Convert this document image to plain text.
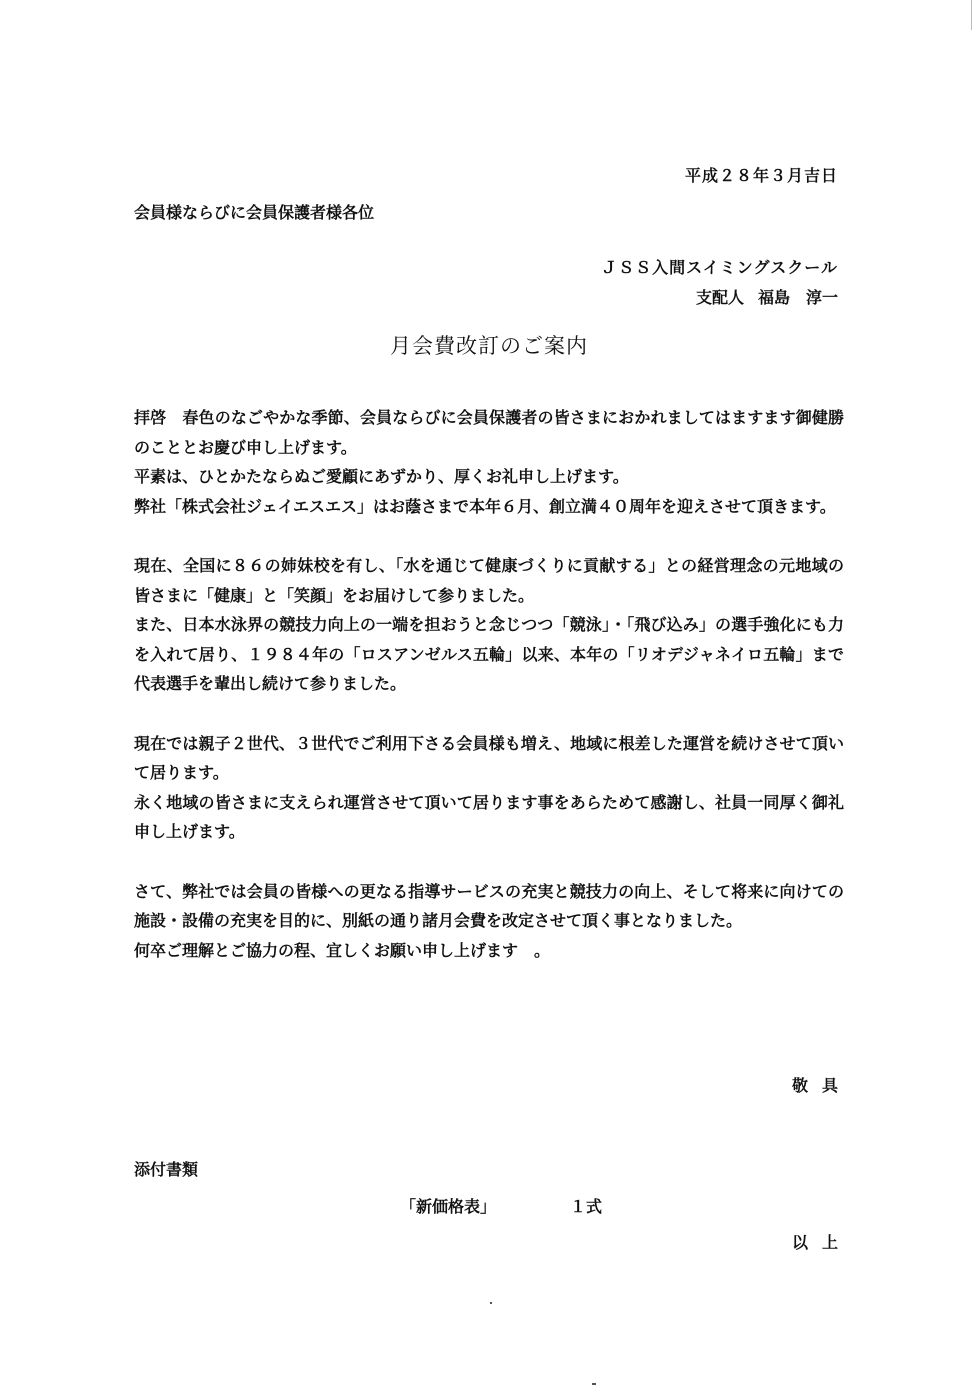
平成２８年３月吉日
会員様ならびに会員保護者様各位
ＪＳＳ入間スイミングスクール
支配人 福島　淳一
月会費改訂のご案内

拝啓　春色のなごやかな季節、会員ならびに会員保護者の皆さまにおかれましてはますます御健勝のこととお慶び申し上げます。

平素は、ひとかたならぬご愛顧にあずかり、厚くお礼申し上げます。

弊社「株式会社ジェイエスエス」はお蔭さまで本年６月、創立満４０周年を迎えさせて頂きます。

現在、全国に８６の姉妹校を有し、「水を通じて健康づくりに貢献する」との経営理念の元地域の皆さまに「健康」と「笑顔」をお届けして参りました。

また、日本水泳界の競技力向上の一端を担おうと念じつつ「競泳」・「飛び込み」の選手強化にも力を入れて居り、１９８４年の「ロスアンゼルス五輪」以来、本年の「リオデジャネイロ五輪」まで代表選手を輩出し続けて参りました。

現在では親子２世代、３世代でご利用下さる会員様も増え、地域に根差した運営を続けさせて頂いて居ります。

永く地域の皆さまに支えられ運営させて頂いて居ります事をあらためて感謝し、社員一同厚く御礼申し上げます。

さて、弊社では会員の皆様への更なる指導サービスの充実と競技力の向上、そして将来に向けての施設・設備の充実を目的に、別紙の通り諸月会費を改定させて頂く事となりました。

何卒ご理解とご協力の程、宜しくお願い申し上げます　。

敬具
添付書類
「新価格表」	１式
以上
